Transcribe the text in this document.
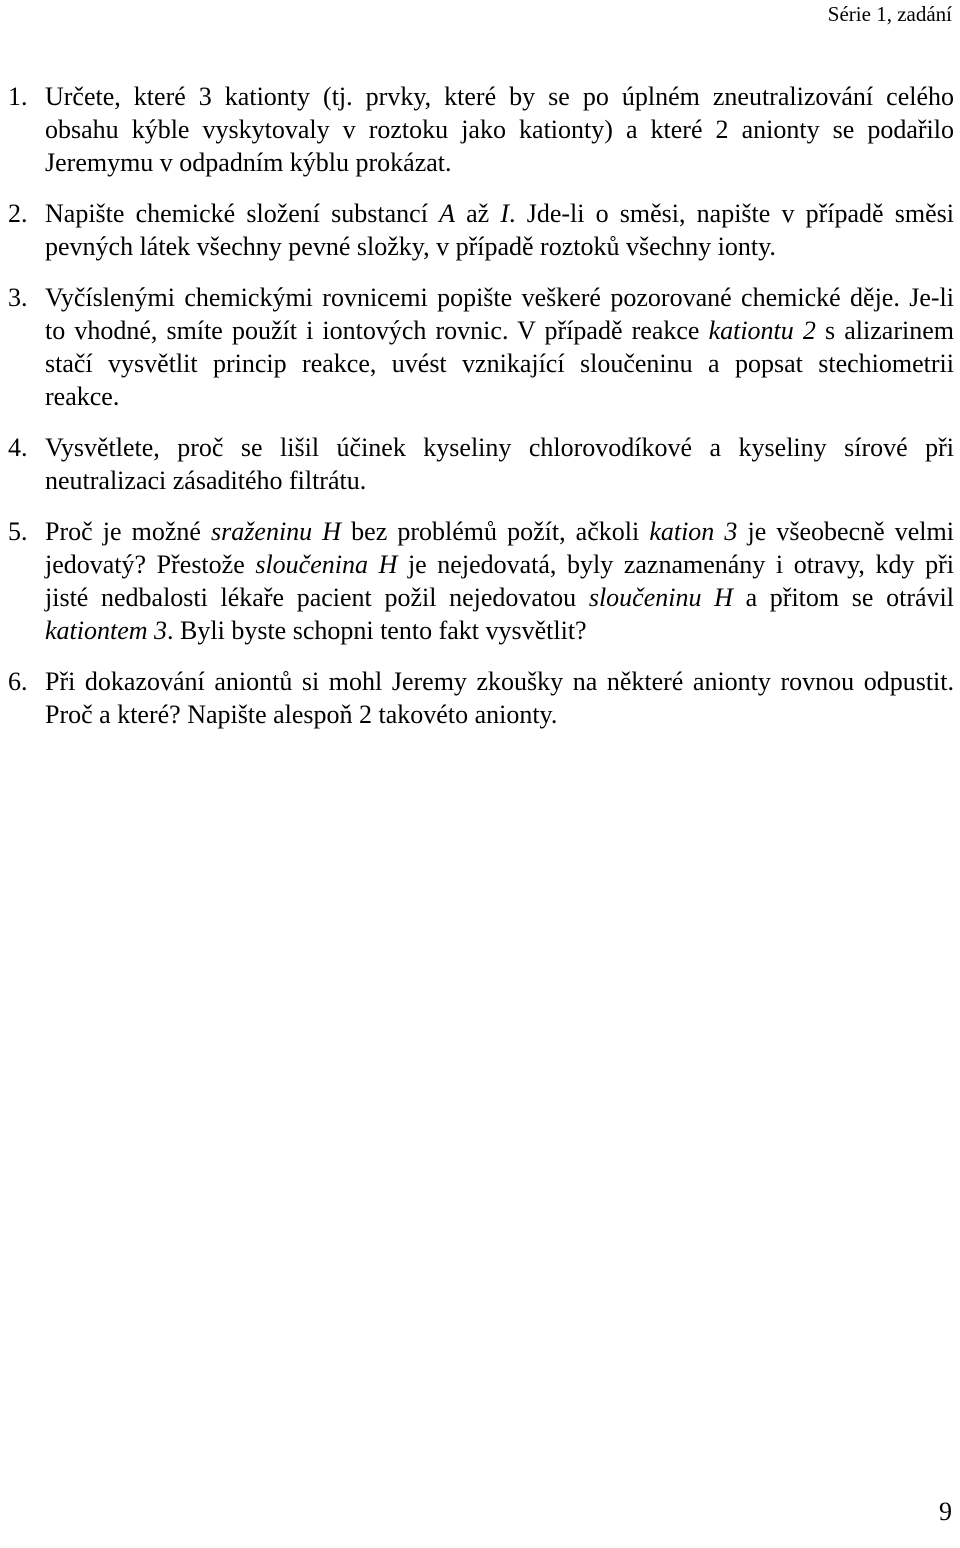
Série 1, zadání
1. Určete, které 3 kationty (tj. prvky, které by se po úplném zneutralizování celého obsahu kýble vyskytovaly v roztoku jako kationty) a které 2 anionty se podařilo Jeremymu v odpadním kýblu prokázat.
2. Napište chemické složení substancí A až I. Jde-li o směsi, napište v případě směsi pevných látek všechny pevné složky, v případě roztoků všechny ionty.
3. Vyčíslenými chemickými rovnicemi popište veškeré pozorované chemické děje. Je-li to vhodné, smíte použít i iontových rovnic. V případě reakce kationtu 2 s alizarinem stačí vysvětlit princip reakce, uvést vznikající sloučeninu a popsat stechiometrii reakce.
4. Vysvětlete, proč se lišil účinek kyseliny chlorovodíkové a kyseliny sírové při neutralizaci zásaditého filtrátu.
5. Proč je možné sraženinu H bez problémů požít, ačkoli kation 3 je všeobecně velmi jedovatý? Přestože sloučenina H je nejedovatá, byly zaznamenány i otravy, kdy při jisté nedbalosti lékaře pacient požil nejedovatou sloučeninu H a přitom se otrávil kationtem 3. Byli byste schopni tento fakt vysvětlit?
6. Při dokazování aniontů si mohl Jeremy zkoušky na některé anionty rovnou odpustit. Proč a které? Napište alespoň 2 takovéto anionty.
9
